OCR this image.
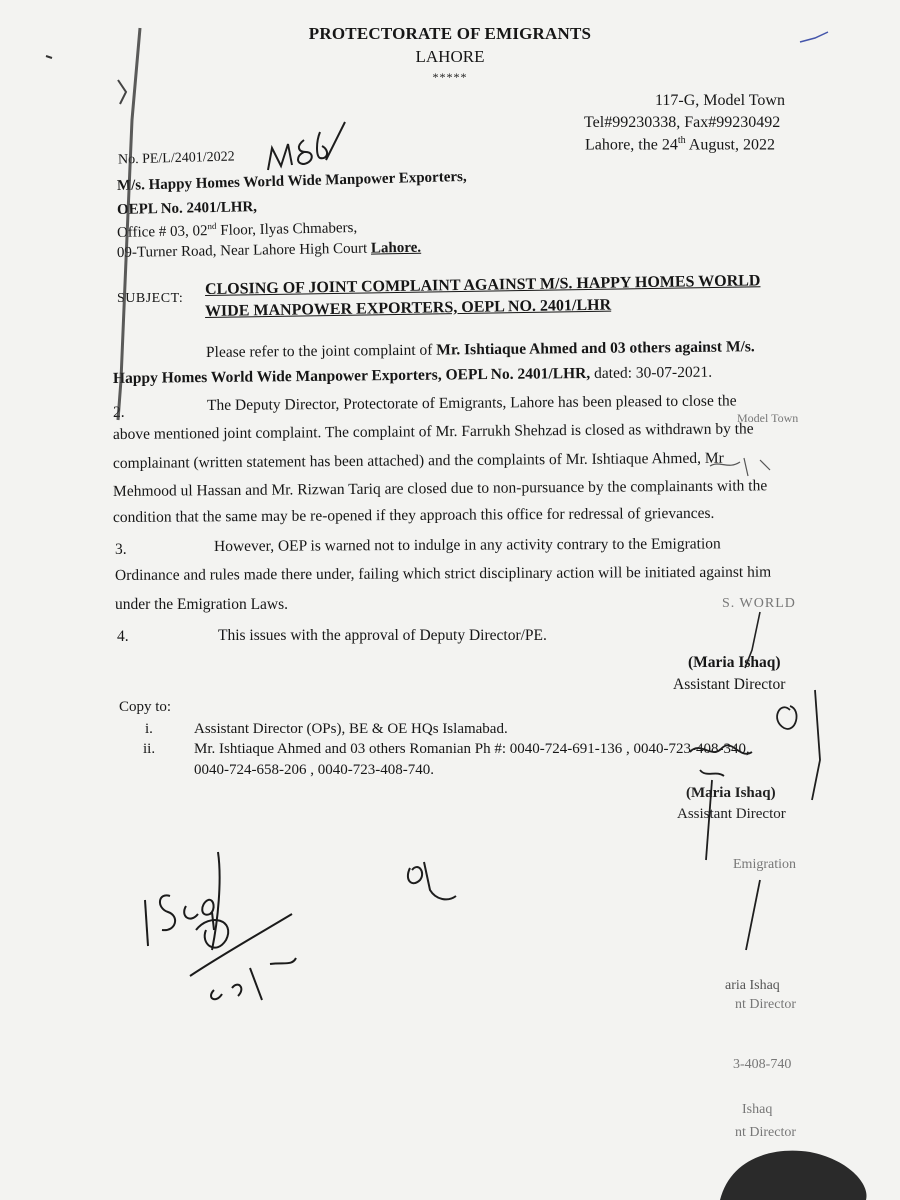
PROTECTORATE OF EMIGRANTS
LAHORE
*****
117-G, Model Town
Tel#99230338, Fax#99230492
Lahore, the 24th August, 2022
No. PE/L/2401/2022
M/s. Happy Homes World Wide Manpower Exporters,
OEPL No. 2401/LHR,
Office # 03, 02nd Floor, Ilyas Chmabers,
09-Turner Road, Near Lahore High Court Lahore.
SUBJECT:
CLOSING OF JOINT COMPLAINT AGAINST M/S. HAPPY HOMES WORLD
WIDE MANPOWER EXPORTERS, OEPL NO. 2401/LHR
Please refer to the joint complaint of Mr. Ishtiaque Ahmed and 03 others against M/s.
Happy Homes World Wide Manpower Exporters, OEPL No. 2401/LHR, dated: 30-07-2021.
2.	The Deputy Director, Protectorate of Emigrants, Lahore has been pleased to close the
above mentioned joint complaint. The complaint of Mr. Farrukh Shehzad is closed as withdrawn by the
complainant (written statement has been attached) and the complaints of Mr. Ishtiaque Ahmed, Mr
Mehmood ul Hassan and Mr. Rizwan Tariq are closed due to non-pursuance by the complainants with the
condition that the same may be re-opened if they approach this office for redressal of grievances.
3.	However, OEP is warned not to indulge in any activity contrary to the Emigration
Ordinance and rules made there under, failing which strict disciplinary action will be initiated against him
under the Emigration Laws.
4.	This issues with the approval of Deputy Director/PE.
(Maria Ishaq)
Assistant Director
Copy to:
i.	Assistant Director (OPs), BE & OE HQs Islamabad.
ii.	Mr. Ishtiaque Ahmed and 03 others Romanian Ph #: 0040-724-691-136 , 0040-723-408-340,
0040-724-658-206 , 0040-723-408-740.
(Maria Ishaq)
Assistant Director
Model Town
S. WORLD
Emigration
aria Ishaq
nt Director
3-408-740
Ishaq
nt Director
